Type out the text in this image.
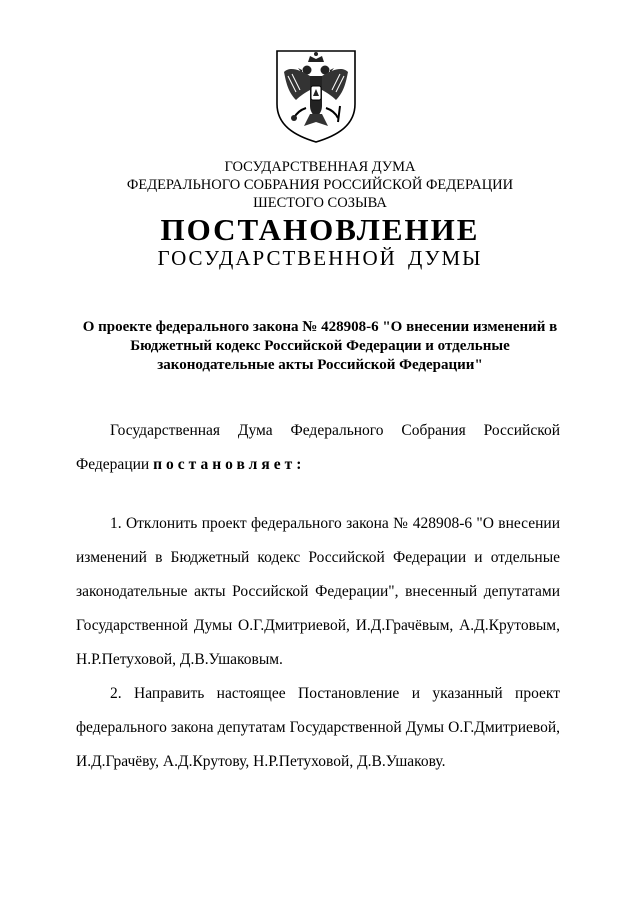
ГОСУДАРСТВЕННАЯ ДУМА
ФЕДЕРАЛЬНОГО СОБРАНИЯ РОССИЙСКОЙ ФЕДЕРАЦИИ
ШЕСТОГО СОЗЫВА
ПОСТАНОВЛЕНИЕ
ГОСУДАРСТВЕННОЙ ДУМЫ
О проекте федерального закона № 428908-6 "О внесении изменений в
Бюджетный кодекс Российской Федерации и отдельные
законодательные акты Российской Федерации"
Государственная Дума Федерального Собрания Российской
Федерации постановляет:
1. Отклонить проект федерального закона № 428908-6 "О внесении
изменений в Бюджетный кодекс Российской Федерации и отдельные
законодательные акты Российской Федерации", внесенный депутатами
Государственной Думы О.Г.Дмитриевой, И.Д.Грачёвым, А.Д.Крутовым,
Н.Р.Петуховой, Д.В.Ушаковым.
2. Направить настоящее Постановление и указанный проект
федерального закона депутатам Государственной Думы О.Г.Дмитриевой,
И.Д.Грачёву, А.Д.Крутову, Н.Р.Петуховой, Д.В.Ушакову.
